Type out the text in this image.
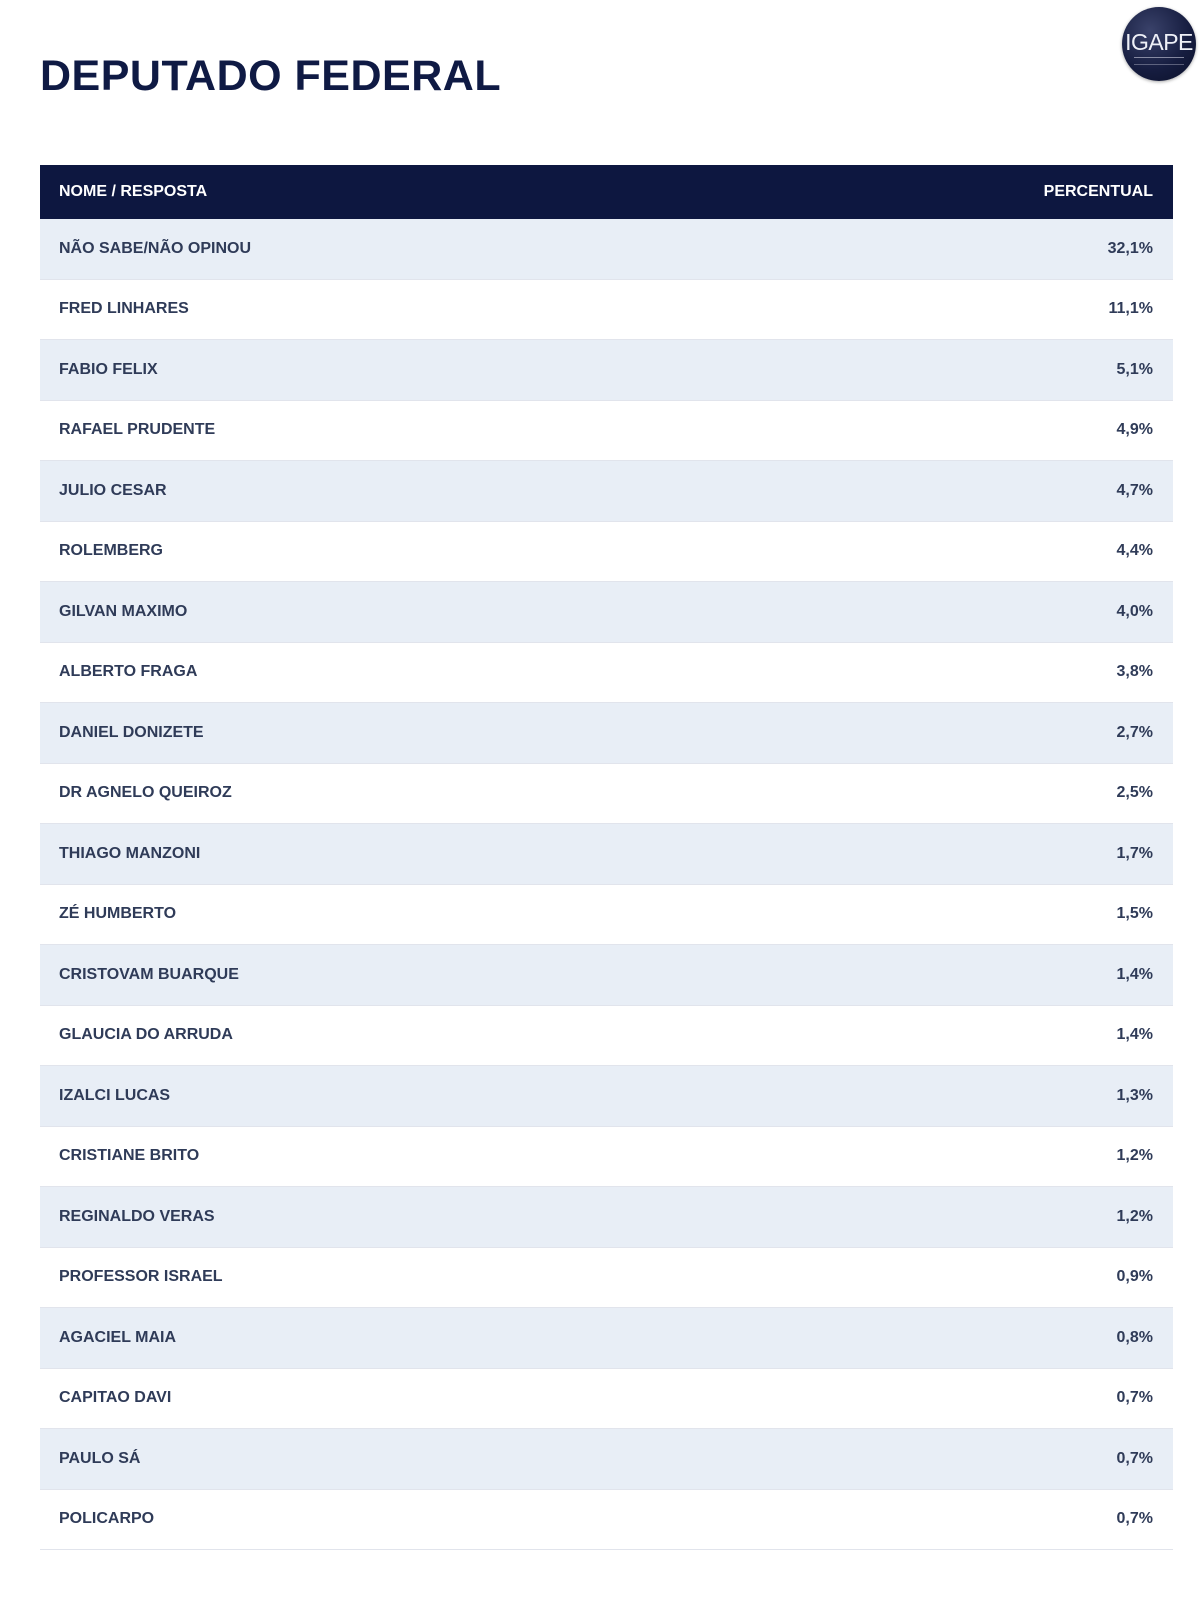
DEPUTADO FEDERAL
IGAPE
NOME / RESPOSTA	PERCENTUAL
NÃO SABE/NÃO OPINOU	32,1%
FRED LINHARES	11,1%
FABIO FELIX	5,1%
RAFAEL PRUDENTE	4,9%
JULIO CESAR	4,7%
ROLEMBERG	4,4%
GILVAN MAXIMO	4,0%
ALBERTO FRAGA	3,8%
DANIEL DONIZETE	2,7%
DR AGNELO QUEIROZ	2,5%
THIAGO MANZONI	1,7%
ZÉ HUMBERTO	1,5%
CRISTOVAM BUARQUE	1,4%
GLAUCIA DO ARRUDA	1,4%
IZALCI LUCAS	1,3%
CRISTIANE BRITO	1,2%
REGINALDO VERAS	1,2%
PROFESSOR ISRAEL	0,9%
AGACIEL MAIA	0,8%
CAPITAO DAVI	0,7%
PAULO SÁ	0,7%
POLICARPO	0,7%
